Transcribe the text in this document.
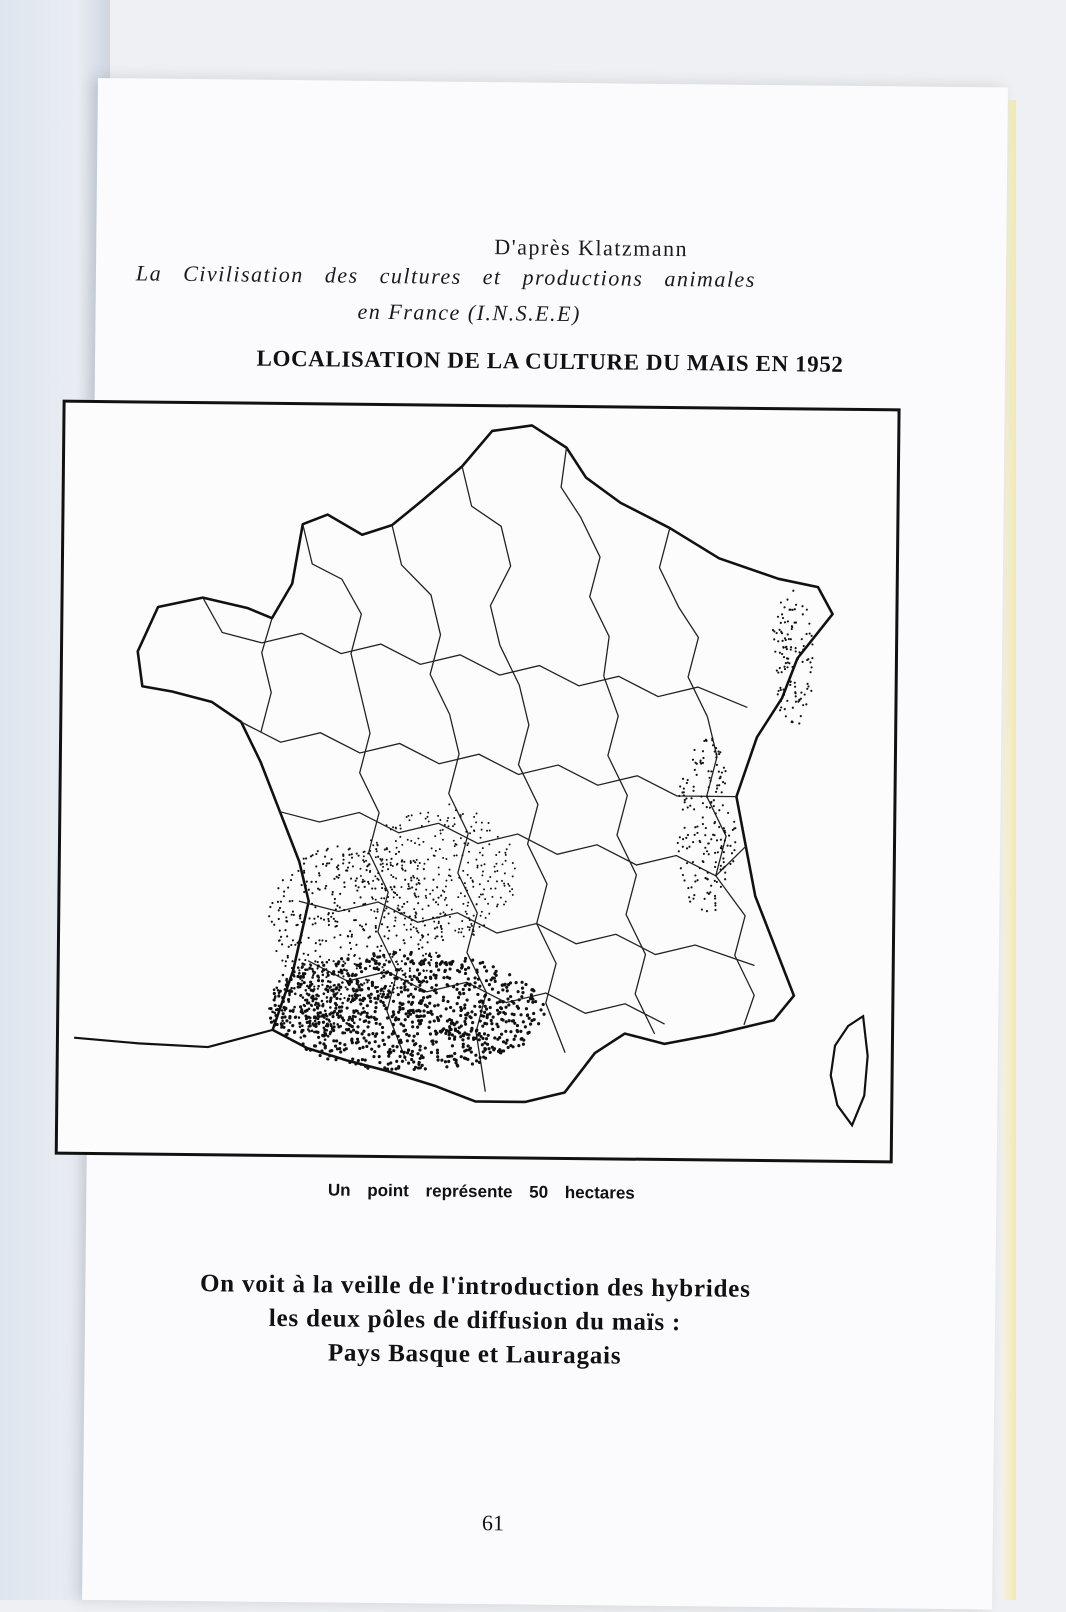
D'après Klatzmann
La Civilisation des cultures et productions animales
en France (I.N.S.E.E)
LOCALISATION DE LA CULTURE DU MAIS EN 1952
Un point représente 50 hectares
On voit à la veille de l'introduction des hybrides
les deux pôles de diffusion du maïs :
Pays Basque et Lauragais
61
